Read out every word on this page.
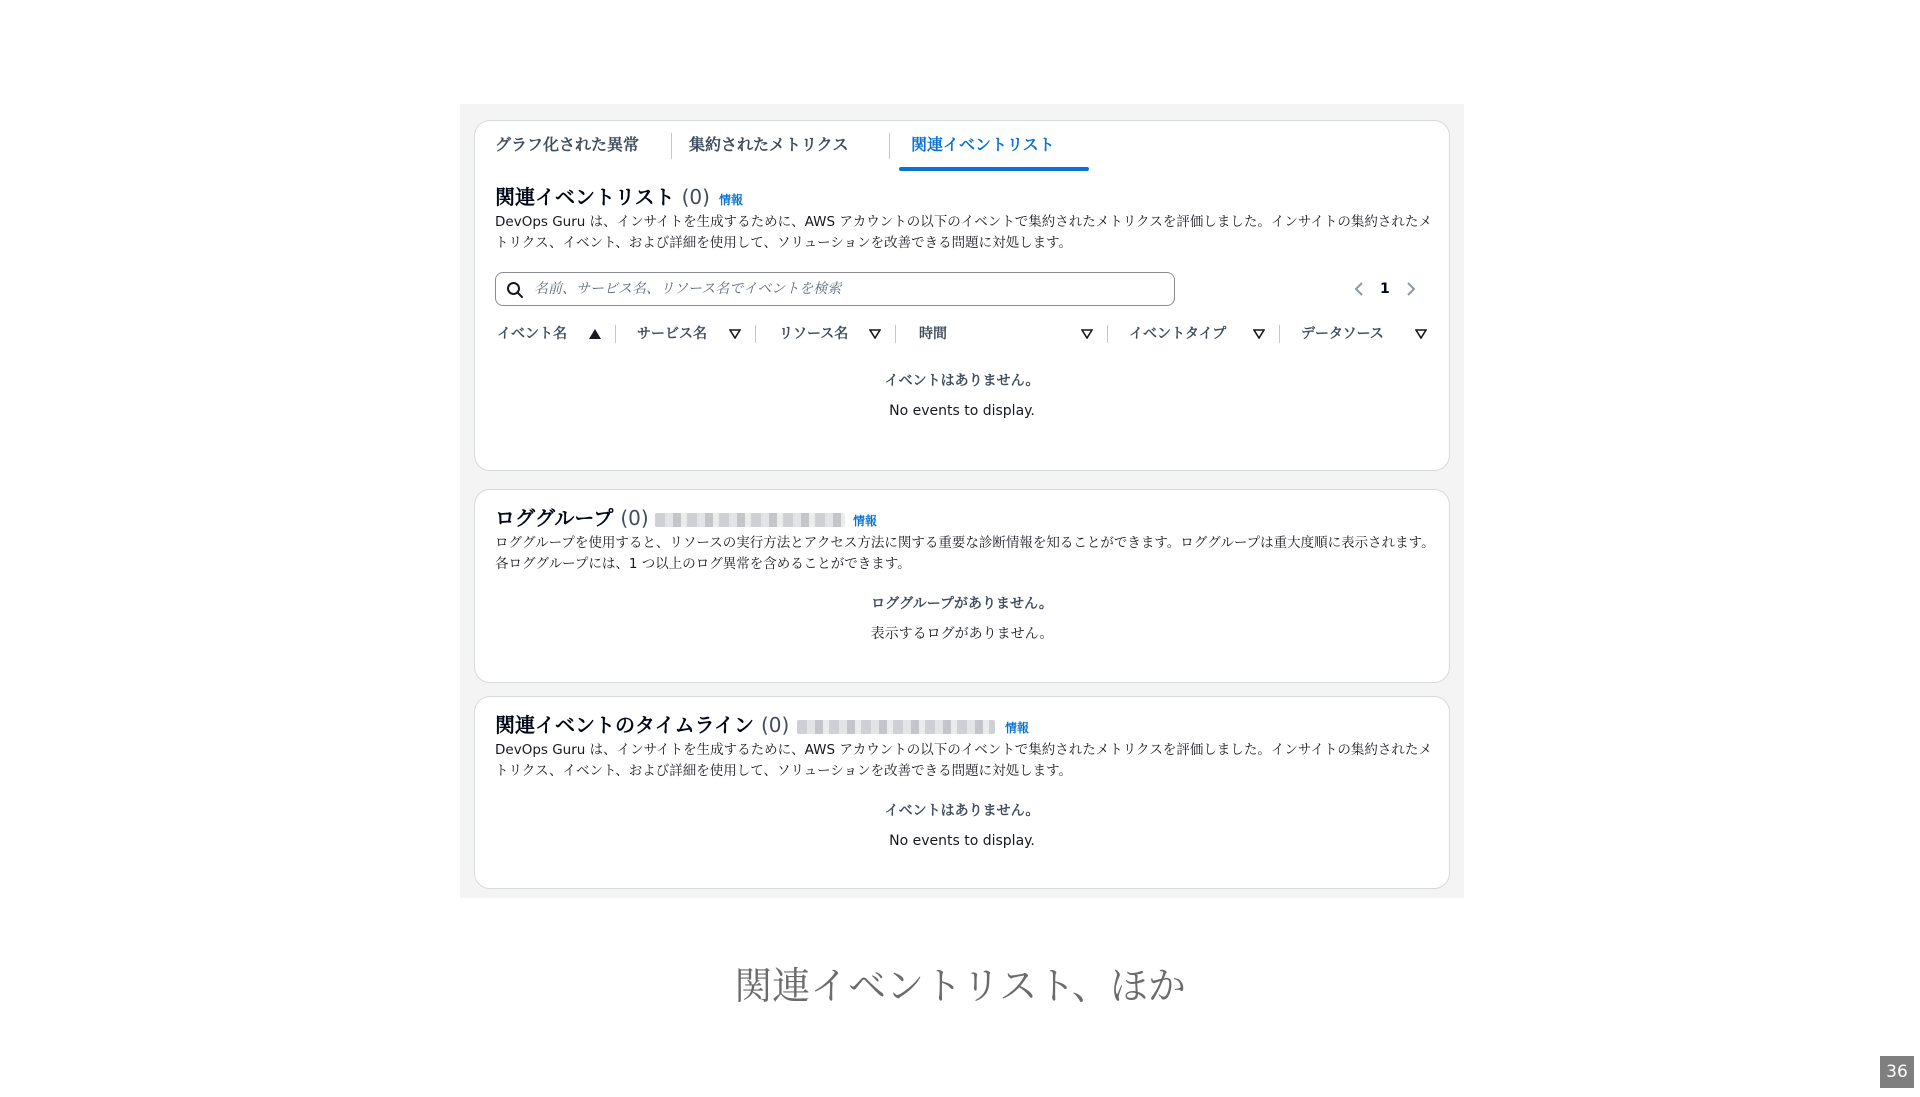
グラフ化された異常	集約されたメトリクス	関連イベントリスト
関連イベントリスト (0) 情報
DevOps Guru は、インサイトを生成するために、AWS アカウントの以下のイベントで集約されたメトリクスを評価しました。インサイトの集約されたメトリクス、イベント、および詳細を使用して、ソリューションを改善できる問題に対処します。
名前、サービス名、リソース名でイベントを検索
1
イベント名	サービス名	リソース名	時間	イベントタイプ	データソース
イベントはありません。
No events to display.
ロググループ (0)	情報
ロググループを使用すると、リソースの実行方法とアクセス方法に関する重要な診断情報を知ることができます。ロググループは重大度順に表示されます。各ロググループには、1 つ以上のログ異常を含めることができます。
ロググループがありません。
表示するログがありません。
関連イベントのタイムライン (0)	情報
DevOps Guru は、インサイトを生成するために、AWS アカウントの以下のイベントで集約されたメトリクスを評価しました。インサイトの集約されたメトリクス、イベント、および詳細を使用して、ソリューションを改善できる問題に対処します。
イベントはありません。
No events to display.
関連イベントリスト、ほか
36
